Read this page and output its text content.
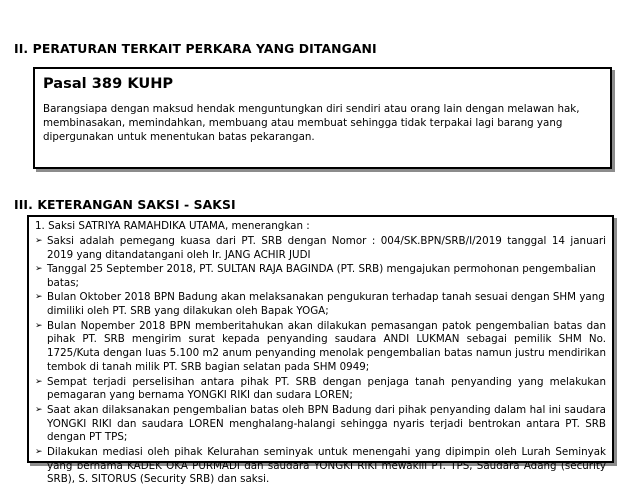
II. PERATURAN TERKAIT PERKARA YANG DITANGANI
Pasal 389 KUHP

Barangsiapa dengan maksud hendak menguntungkan diri sendiri atau orang lain dengan melawan hak, membinasakan, memindahkan, membuang atau membuat sehingga tidak terpakai lagi barang yang dipergunakan untuk menentukan batas pekarangan.

III. KETERANGAN SAKSI - SAKSI
1. Saksi SATRIYA RAMAHDIKA UTAMA, menerangkan :
➢ Saksi adalah pemegang kuasa dari PT. SRB dengan Nomor : 004/SK.BPN/SRB/I/2019 tanggal 14 januari 2019 yang ditandatangani oleh Ir. JANG ACHIR JUDI
➢ Tanggal 25 September 2018, PT. SULTAN RAJA BAGINDA (PT. SRB) mengajukan permohonan pengembalian batas;
➢ Bulan Oktober 2018 BPN Badung akan melaksanakan pengukuran terhadap tanah sesuai dengan SHM yang dimiliki oleh PT. SRB yang dilakukan oleh Bapak YOGA;
➢ Bulan Nopember 2018 BPN memberitahukan akan dilakukan pemasangan patok pengembalian batas dan pihak PT. SRB mengirim surat kepada penyanding saudara ANDI LUKMAN sebagai pemilik SHM No. 1725/Kuta dengan luas 5.100 m2 anum penyanding menolak pengembalian batas namun justru mendirikan tembok di tanah milik PT. SRB bagian selatan pada SHM 0949;
➢ Sempat terjadi perselisihan antara pihak PT. SRB dengan penjaga tanah penyanding yang melakukan pemagaran yang bernama YONGKI RIKI dan sudara LOREN;
➢ Saat akan dilaksanakan pengembalian batas oleh BPN Badung dari pihak penyanding dalam hal ini saudara YONGKI RIKI dan saudara LOREN menghalang-halangi sehingga nyaris terjadi bentrokan antara PT. SRB dengan PT TPS;
➢ Dilakukan mediasi oleh pihak Kelurahan seminyak untuk menengahi yang dipimpin oleh Lurah Seminyak yang bernama KADEK OKA PURMADI dan saudara YONGKI RIKI mewakili PT. TPS, Saudara Adang (security SRB), S. SITORUS (Security SRB) dan saksi.
